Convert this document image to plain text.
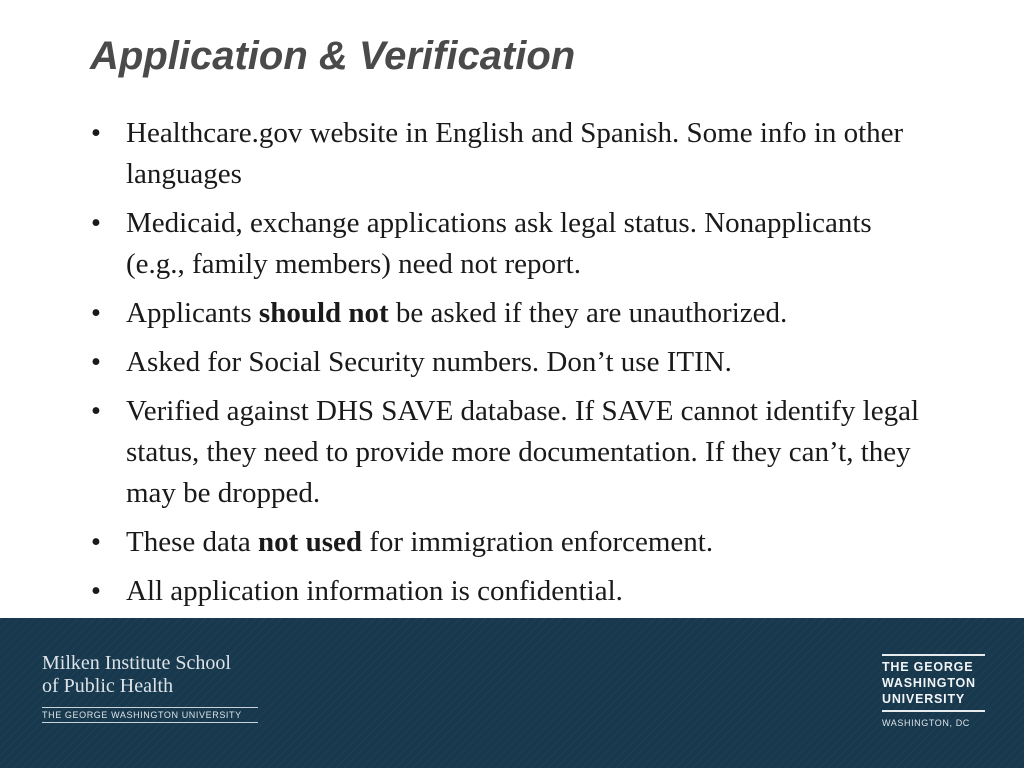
Application & Verification
• Healthcare.gov website in English and Spanish. Some info in other languages
• Medicaid, exchange applications ask legal status. Nonapplicants (e.g., family members) need not report.
• Applicants should not be asked if they are unauthorized.
• Asked for Social Security numbers. Don’t use ITIN.
• Verified against DHS SAVE database. If SAVE cannot identify legal status, they need to provide more documentation. If they can’t, they may be dropped.
• These data not used for immigration enforcement.
• All application information is confidential.
Milken Institute School
of Public Health
THE GEORGE WASHINGTON UNIVERSITY
THE GEORGE
WASHINGTON
UNIVERSITY
WASHINGTON, DC
